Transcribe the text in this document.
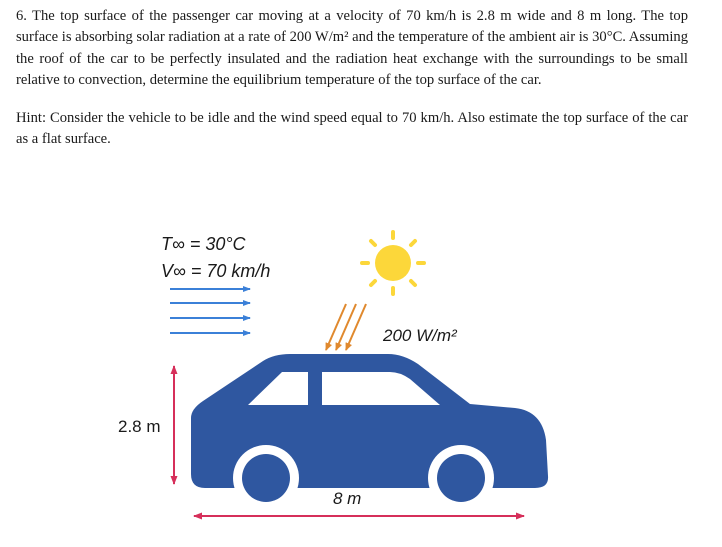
6. The top surface of the passenger car moving at a velocity of 70 km/h is 2.8 m wide and 8 m long. The top surface is absorbing solar radiation at a rate of 200 W/m² and the temperature of the ambient air is 30°C. Assuming the roof of the car to be perfectly insulated and the radiation heat exchange with the surroundings to be small relative to convection, determine the equilibrium temperature of the top surface of the car.

Hint: Consider the vehicle to be idle and the wind speed equal to 70 km/h. Also estimate the top surface of the car as a flat surface.

T∞ = 30°C
V∞ = 70 km/h
200 W/m²
2.8 m
8 m
